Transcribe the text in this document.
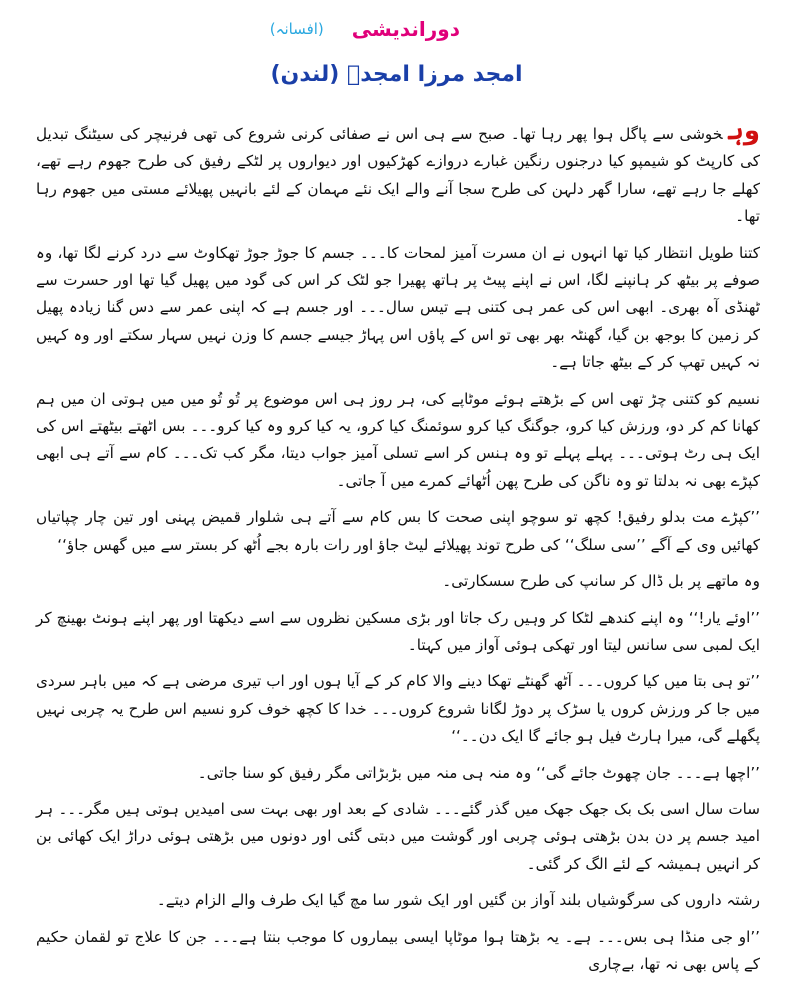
دوراندیشی
(افسانہ)
امجد مرزا امجدؔ (لندن)

وہخوشی سے پاگل ہوا پھر رہا تھا۔ صبح سے ہی اس نے صفائی کرنی شروع کی تھی فرنیچر کی سیٹنگ تبدیل کی کارپٹ کو شیمپو کیا درجنوں رنگین غبارے دروازے کھڑکیوں اور دیواروں پر لٹکے رفیق کی طرح جھوم رہے تھے، کھلے جا رہے تھے، سارا گھر دلہن کی طرح سجا آنے والے ایک نئے مہمان کے لئے بانہیں پھیلائے مستی میں جھوم رہا تھا۔

کتنا طویل انتظار کیا تھا انہوں نے ان مسرت آمیز لمحات کا۔۔۔ جسم کا جوڑ جوڑ تھکاوٹ سے درد کرنے لگا تھا، وہ صوفے پر بیٹھ کر ہانپنے لگا، اس نے اپنے پیٹ پر ہاتھ پھیرا جو لٹک کر اس کی گود میں پھیل گیا تھا اور حسرت سے ٹھنڈی آہ بھری۔ ابھی اس کی عمر ہی کتنی ہے تیس سال۔۔۔ اور جسم ہے کہ اپنی عمر سے دس گنا زیادہ پھیل کر زمین کا بوجھ بن گیا، گھنٹہ بھر بھی تو اس کے پاؤں اس پہاڑ جیسے جسم کا وزن نہیں سہار سکتے اور وہ کہیں نہ کہیں تھپ کر کے بیٹھ جاتا ہے۔

نسیم کو کتنی چڑ تھی اس کے بڑھتے ہوئے موٹاپے کی، ہر روز ہی اس موضوع پر تُو تُو میں میں ہوتی ان میں ہم کھانا کم کر دو، ورزش کیا کرو، جوگنگ کیا کرو سوئمنگ کیا کرو، یہ کیا کرو وہ کیا کرو۔۔۔ بس اٹھتے بیٹھتے اس کی ایک ہی رٹ ہوتی۔۔۔ پہلے پہلے تو وہ ہنس کر اسے تسلی آمیز جواب دیتا، مگر کب تک۔۔۔ کام سے آتے ہی ابھی کپڑے بھی نہ بدلتا تو وہ ناگن کی طرح پھن اُٹھائے کمرے میں آ جاتی۔

’’کپڑے مت بدلو رفیق! کچھ تو سوچو اپنی صحت کا بس کام سے آتے ہی شلوار قمیض پہنی اور تین چار چپاتیاں کھائیں وی کے آگے ’’سی سلگ‘‘ کی طرح توند پھیلائے لیٹ جاؤ اور رات بارہ بجے اُٹھ کر بستر سے میں گھس جاؤ‘‘

وہ ماتھے پر بل ڈال کر سانپ کی طرح سسکارتی۔

’’اوئے یار!‘‘ وہ اپنے کندھے لٹکا کر وہیں رک جاتا اور بڑی مسکین نظروں سے اسے دیکھتا اور پھر اپنے ہونٹ بھینچ کر ایک لمبی سی سانس لیتا اور تھکی ہوئی آواز میں کہتا۔

’’تو ہی بتا میں کیا کروں۔۔۔ آٹھ گھنٹے تھکا دینے والا کام کر کے آیا ہوں اور اب تیری مرضی ہے کہ میں باہر سردی میں جا کر ورزش کروں یا سڑک پر دوڑ لگانا شروع کروں۔۔۔ خدا کا کچھ خوف کرو نسیم اس طرح یہ چربی نہیں پگھلے گی، میرا ہارٹ فیل ہو جائے گا ایک دن۔۔‘‘

’’اچھا ہے۔۔۔ جان چھوٹ جائے گی‘‘ وہ منہ ہی منہ میں بڑبڑاتی مگر رفیق کو سنا جاتی۔

سات سال اسی بک بک جھک جھک میں گذر گئے۔۔۔ شادی کے بعد اور بھی بہت سی امیدیں ہوتی ہیں مگر۔۔۔ ہر امید جسم پر دن بدن بڑھتی ہوئی چربی اور گوشت میں دبتی گئی اور دونوں میں بڑھتی ہوئی دراڑ ایک کھائی بن کر انہیں ہمیشہ کے لئے الگ کر گئی۔

رشتہ داروں کی سرگوشیاں بلند آواز بن گئیں اور ایک شور سا مچ گیا ایک طرف والے الزام دیتے۔

’’او جی منڈا ہی بس۔۔۔ ہے۔ یہ بڑھتا ہوا موٹاپا ایسی بیماروں کا موجب بنتا ہے۔۔۔ جن کا علاج تو لقمان حکیم کے پاس بھی نہ تھا، بےچاری
